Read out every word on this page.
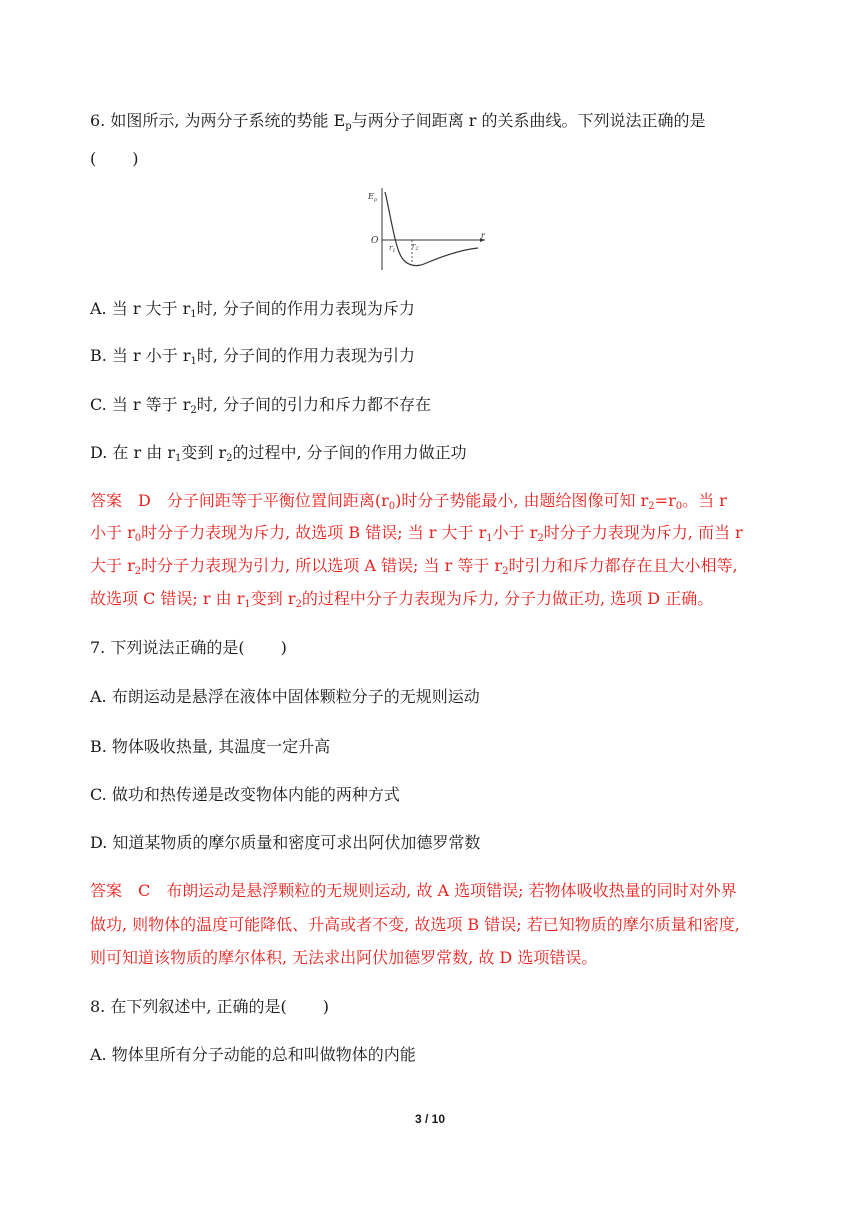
6. 如图所示, 为两分子系统的势能 $E_p$与两分子间距离 r 的关系曲线。下列说法正确的是
( )
$E_p$
O
r
$r_1$
$r_2$
A. 当 r 大于 $r_1$时, 分子间的作用力表现为斥力
B. 当 r 小于 $r_1$时, 分子间的作用力表现为引力
C. 当 r 等于 $r_2$时, 分子间的引力和斥力都不存在
D. 在 r 由 $r_1$变到 $r_2$的过程中, 分子间的作用力做正功
答案 D 分子间距等于平衡位置间距离$(r_0)$时分子势能最小, 由题给图像可知 $r_2=r_0$。当 r
小于 $r_0$时分子力表现为斥力, 故选项 B 错误; 当 r 大于 $r_1$小于 $r_2$时分子力表现为斥力, 而当 r
大于 $r_2$时分子力表现为引力, 所以选项 A 错误; 当 r 等于 $r_2$时引力和斥力都存在且大小相等,
故选项 C 错误; r 由 $r_1$变到 $r_2$的过程中分子力表现为斥力, 分子力做正功, 选项 D 正确。
7. 下列说法正确的是( )
A. 布朗运动是悬浮在液体中固体颗粒分子的无规则运动
B. 物体吸收热量, 其温度一定升高
C. 做功和热传递是改变物体内能的两种方式
D. 知道某物质的摩尔质量和密度可求出阿伏加德罗常数
答案 C 布朗运动是悬浮颗粒的无规则运动, 故 A 选项错误; 若物体吸收热量的同时对外界
做功, 则物体的温度可能降低、升高或者不变, 故选项 B 错误; 若已知物质的摩尔质量和密度,
则可知道该物质的摩尔体积, 无法求出阿伏加德罗常数, 故 D 选项错误。
8. 在下列叙述中, 正确的是( )
A. 物体里所有分子动能的总和叫做物体的内能
3 / 10
